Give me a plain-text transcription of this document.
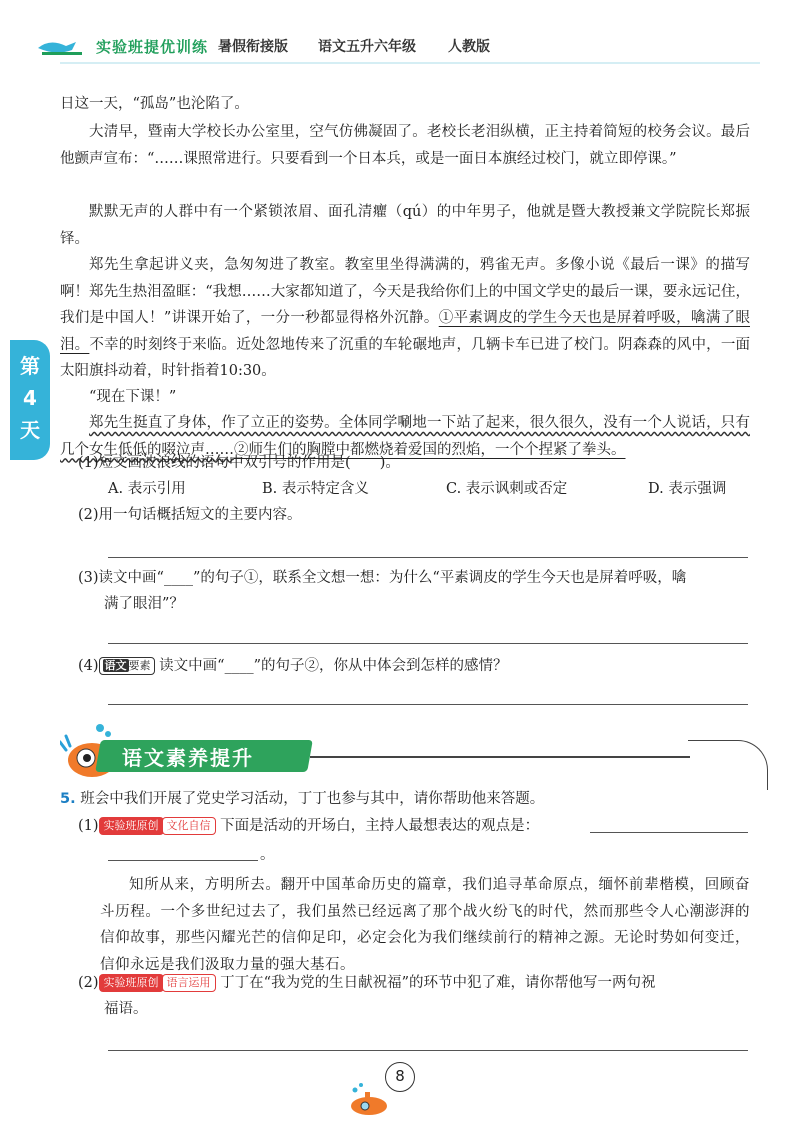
实验班提优训练 暑假衔接版 语文五升六年级 人教版
第
4
天
日这一天，“孤岛”也沦陷了。
大清早，暨南大学校长办公室里，空气仿佛凝固了。老校长老泪纵横，正主持着简短的校务会议。最后他颤声宣布：“……课照常进行。只要看到一个日本兵，或是一面日本旗经过校门，就立即停课。”
默默无声的人群中有一个紧锁浓眉、面孔清癯（qú）的中年男子，他就是暨大教授兼文学院院长郑振铎。
郑先生拿起讲义夹，急匆匆进了教室。教室里坐得满满的，鸦雀无声。多像小说《最后一课》的描写啊！郑先生热泪盈眶：“我想……大家都知道了，今天是我给你们上的中国文学史的最后一课，要永远记住，我们是中国人！”讲课开始了，一分一秒都显得格外沉静。①平素调皮的学生今天也是屏着呼吸，噙满了眼泪。不幸的时刻终于来临。近处忽地传来了沉重的车轮碾地声，几辆卡车已进了校门。阴森森的风中，一面太阳旗抖动着，时针指着10:30。
“现在下课！”
郑先生挺直了身体，作了立正的姿势。全体同学唰地一下站了起来，很久很久，没有一个人说话，只有几个女生低低的啜泣声……②师生们的胸膛中都燃烧着爱国的烈焰，一个个捏紧了拳头。
(1)短文画波浪线的语句中双引号的作用是(　　)。
A. 表示引用	B. 表示特定含义	C. 表示讽刺或否定	D. 表示强调
(2)用一句话概括短文的主要内容。
(3)读文中画“____”的句子①，联系全文想一想：为什么“平素调皮的学生今天也是屏着呼吸，噙
满了眼泪”？
(4) 语文 要素 读文中画“____”的句子②，你从中体会到怎样的感情？
语文素养提升
5. 班会中我们开展了党史学习活动，丁丁也参与其中，请你帮助他来答题。
(1) 实验班原创 文化自信 下面是活动的开场白，主持人最想表达的观点是：
。
知所从来，方明所去。翻开中国革命历史的篇章，我们追寻革命原点，缅怀前辈楷模，回顾奋斗历程。一个多世纪过去了，我们虽然已经远离了那个战火纷飞的时代，然而那些令人心潮澎湃的信仰故事，那些闪耀光芒的信仰足印，必定会化为我们继续前行的精神之源。无论时势如何变迁，信仰永远是我们汲取力量的强大基石。
(2) 实验班原创 语言运用 丁丁在“我为党的生日献祝福”的环节中犯了难，请你帮他写一两句祝
福语。
8
